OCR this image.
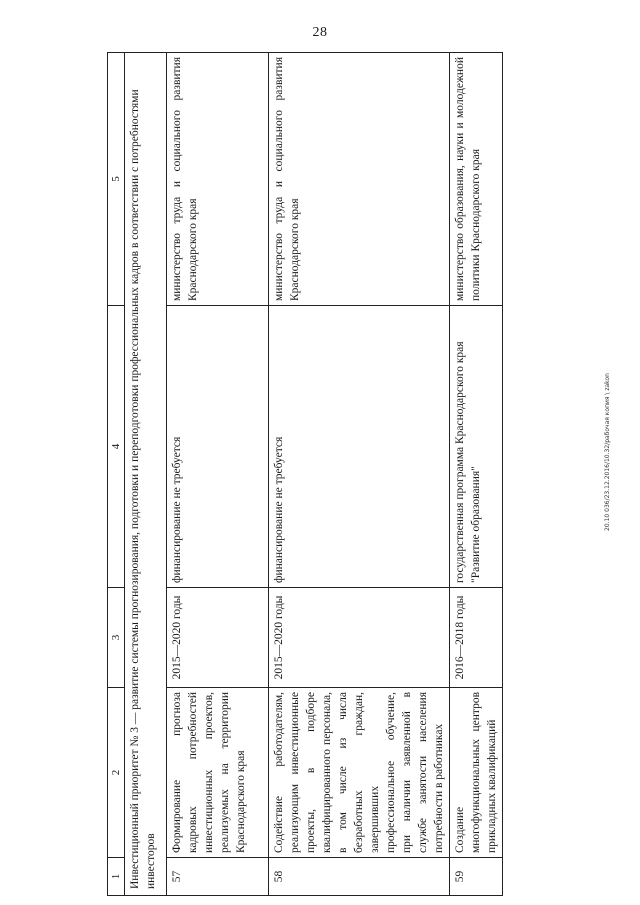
28
20.10 036/23.12.2016/10.32/рабочая копия \ zakon
1	2	3	4	5
Инвестиционный приоритет № 3 — развитие системы прогнозирования, подготовки и переподготовки профессиональных кадров в соответствии с потребностями инвесторов				
57	Формирование прогноза кадровых потребностей инвестиционных проектов, реализуемых на территории Краснодарского края	2015—2020 годы	финансирование не требуется	министерство труда и социального развития Краснодарского края
58	Содействие работодателям, реализующим инвестиционные проекты, в подборе квалифицированного персонала, в том числе из числа безработных граждан, завершивших профессиональное обучение, при наличии заявленной в службе занятости населения потребности в работниках	2015—2020 годы	финансирование не требуется	министерство труда и социального развития Краснодарского края
59	Создание многофункциональных центров прикладных квалификаций	2016—2018 годы	государственная программа Краснодарского края "Развитие образования"	министерство образования, науки и молодежной политики Краснодарского края
